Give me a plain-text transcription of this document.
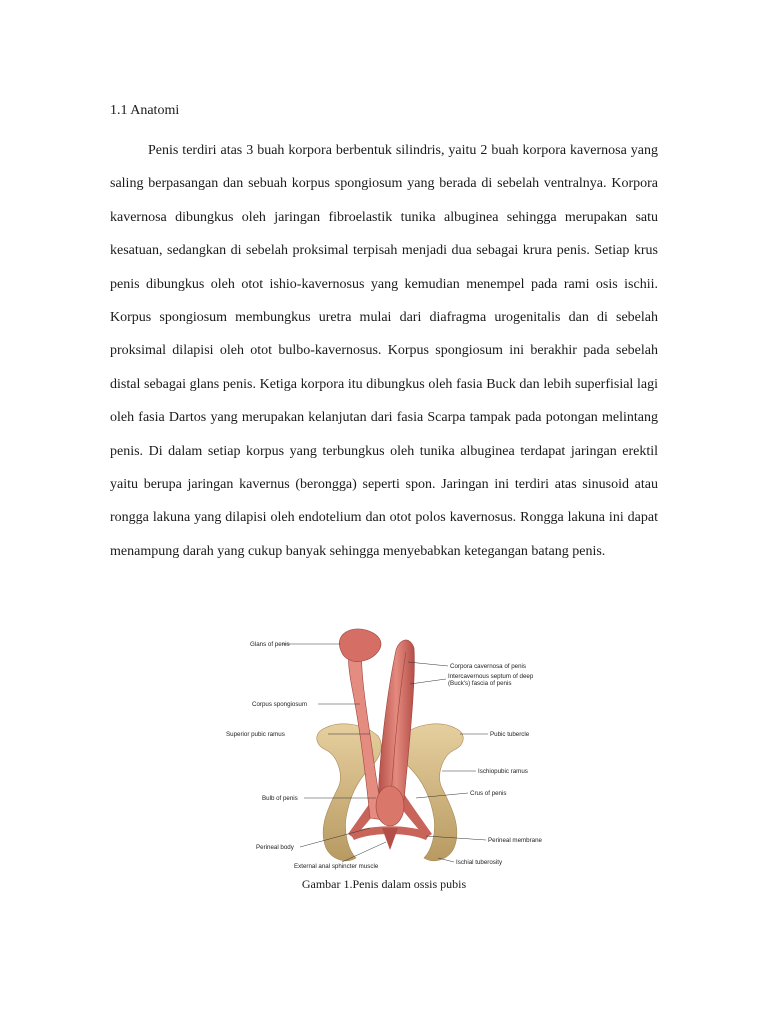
1.1 Anatomi

Penis terdiri atas 3 buah korpora berbentuk silindris, yaitu 2 buah korpora kavernosa yang saling berpasangan dan sebuah korpus spongiosum yang berada di sebelah ventralnya. Korpora kavernosa dibungkus oleh jaringan fibroelastik tunika albuginea sehingga merupakan satu kesatuan, sedangkan di sebelah proksimal terpisah menjadi dua sebagai krura penis. Setiap krus penis dibungkus oleh otot ishio-kavernosus yang kemudian menempel pada rami osis ischii. Korpus spongiosum membungkus uretra mulai dari diafragma urogenitalis dan di sebelah proksimal dilapisi oleh otot bulbo-kavernosus. Korpus spongiosum ini berakhir pada sebelah distal sebagai glans penis. Ketiga korpora itu dibungkus oleh fasia Buck dan lebih superfisial lagi oleh fasia Dartos yang merupakan kelanjutan dari fasia Scarpa tampak pada potongan melintang penis. Di dalam setiap korpus yang terbungkus oleh tunika albuginea terdapat jaringan erektil yaitu berupa jaringan kavernus (berongga) seperti spon. Jaringan ini terdiri atas sinusoid atau rongga lakuna yang dilapisi oleh endotelium dan otot polos kavernosus. Rongga lakuna ini dapat menampung darah yang cukup banyak sehingga menyebabkan ketegangan batang penis.

Glans of penis
Corpus spongiosum
Superior pubic ramus
Bulb of penis
Perineal body
External anal sphincter muscle
Corpora cavernosa of penis
Intercavernous septum of deep
(Buck's) fascia of penis
Pubic tubercle
Ischiopubic ramus
Crus of penis
Perineal membrane
Ischial tuberosity
Gambar 1.Penis dalam ossis pubis
